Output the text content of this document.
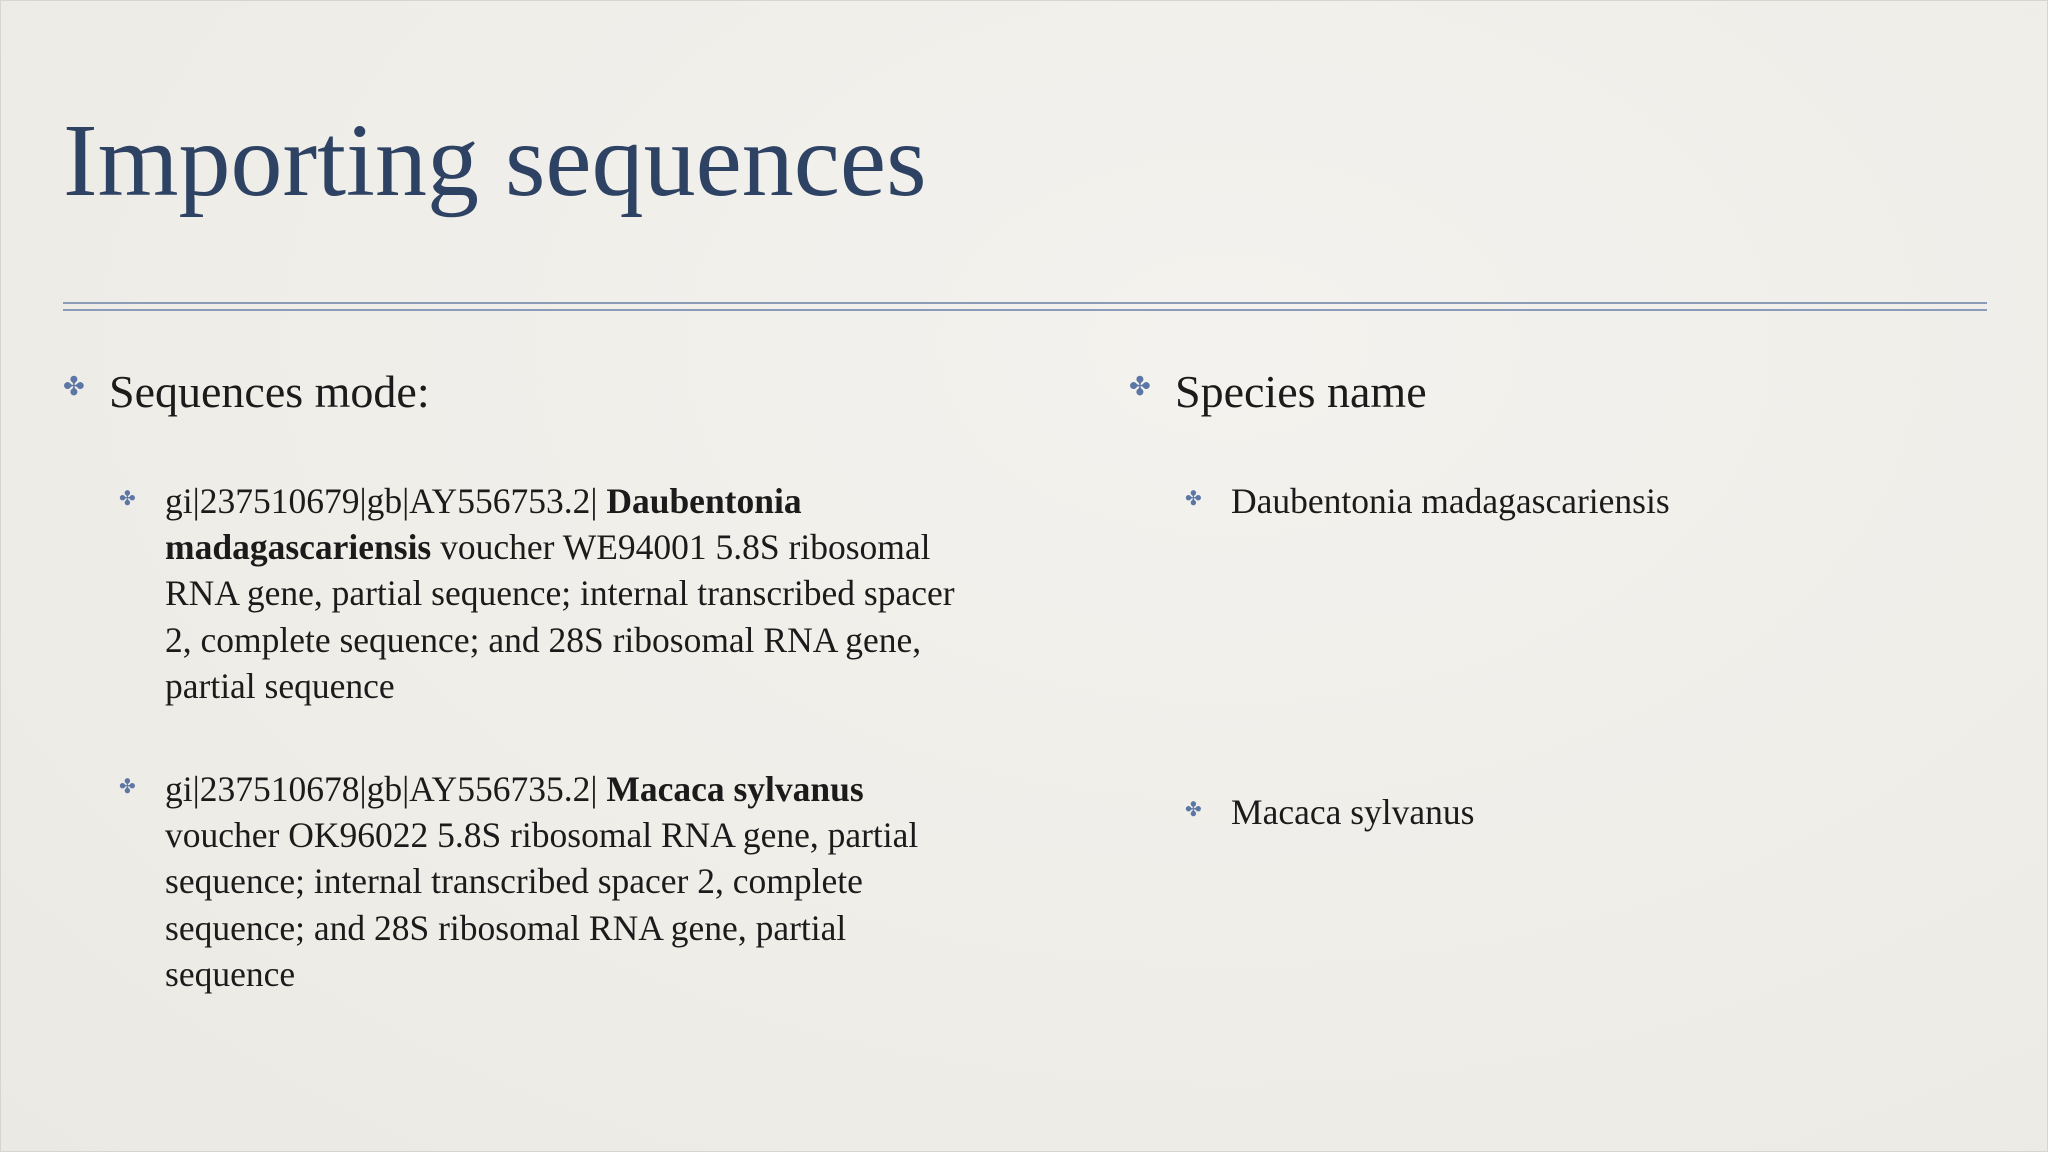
Importing sequences
✤ Sequences mode:
✤ gi|237510679|gb|AY556753.2| Daubentonia madagascariensis voucher WE94001 5.8S ribosomal RNA gene, partial sequence; internal transcribed spacer 2, complete sequence; and 28S ribosomal RNA gene, partial sequence
✤ gi|237510678|gb|AY556735.2| Macaca sylvanus voucher OK96022 5.8S ribosomal RNA gene, partial sequence; internal transcribed spacer 2, complete sequence; and 28S ribosomal RNA gene, partial sequence
✤ Species name
✤ Daubentonia madagascariensis
✤ Macaca sylvanus
